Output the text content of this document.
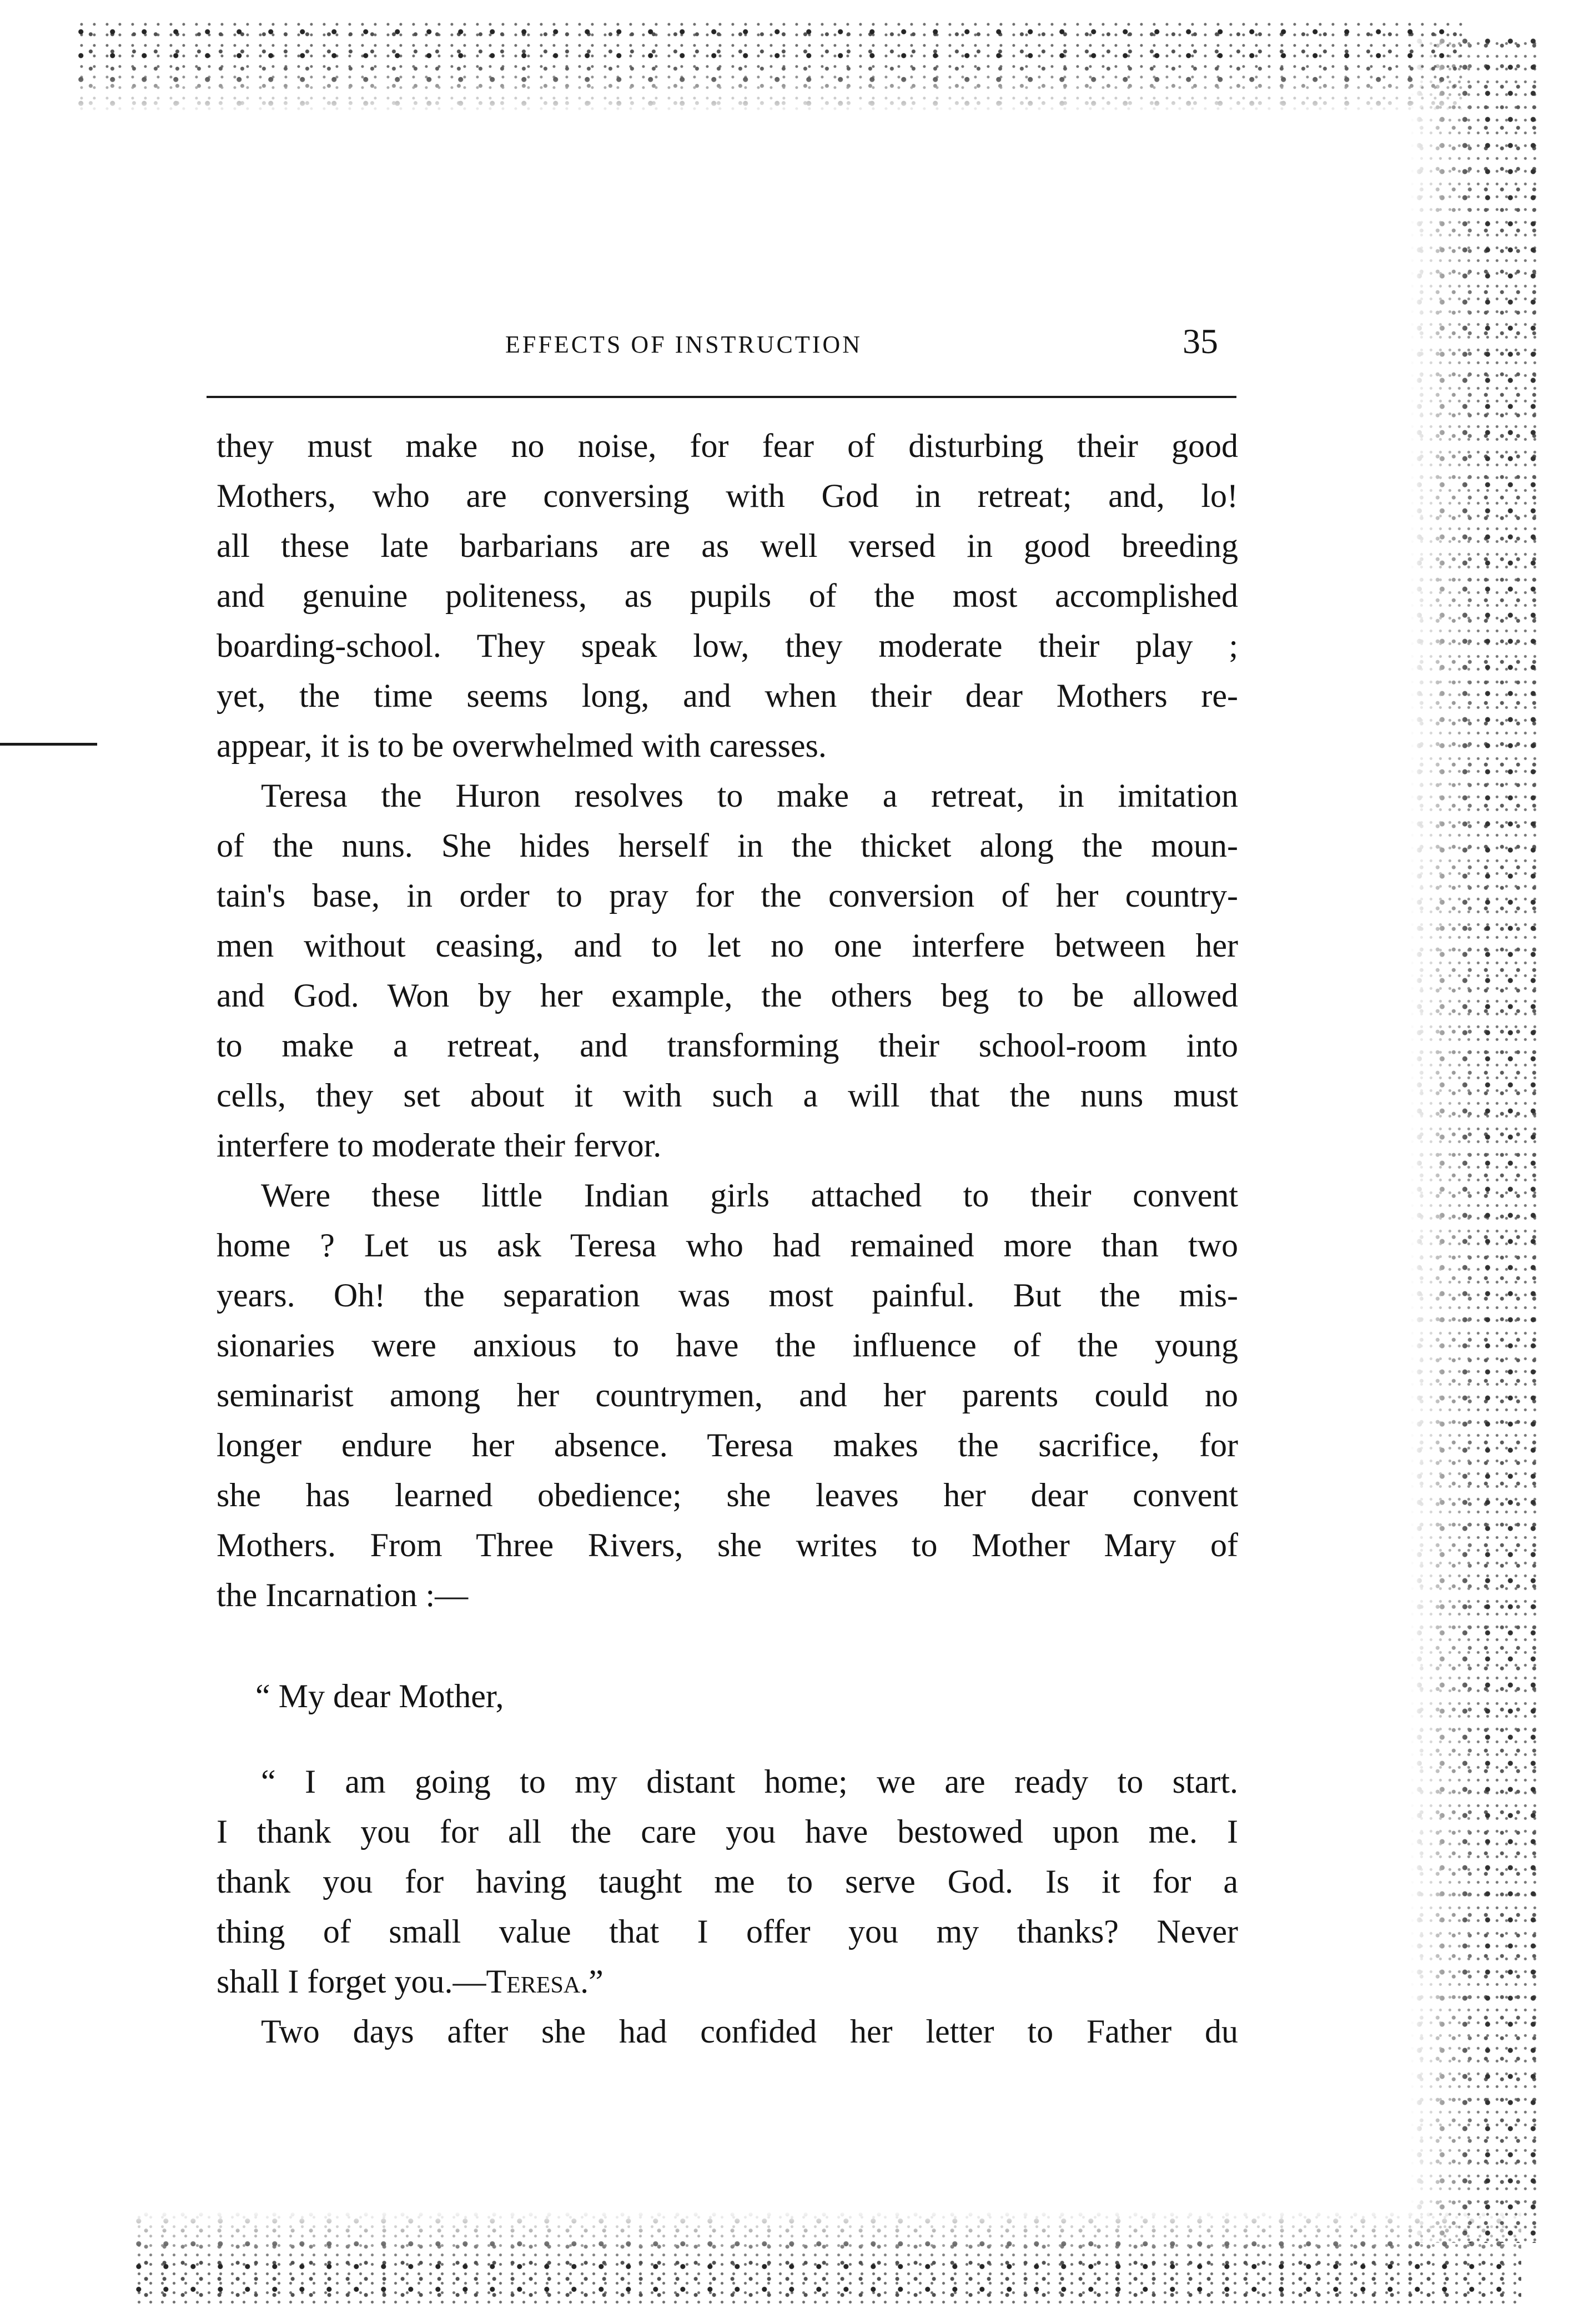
EFFECTS OF INSTRUCTION	35
they must make no noise, for fear of disturbing their good
Mothers, who are conversing with God in retreat; and, lo!
all these late barbarians are as well versed in good breeding
and genuine politeness, as pupils of the most accomplished
boarding-school. They speak low, they moderate their play ;
yet, the time seems long, and when their dear Mothers re-
appear, it is to be overwhelmed with caresses.
Teresa the Huron resolves to make a retreat, in imitation
of the nuns. She hides herself in the thicket along the moun-
tain's base, in order to pray for the conversion of her country-
men without ceasing, and to let no one interfere between her
and God. Won by her example, the others beg to be allowed
to make a retreat, and transforming their school-room into
cells, they set about it with such a will that the nuns must
interfere to moderate their fervor.
Were these little Indian girls attached to their convent
home ? Let us ask Teresa who had remained more than two
years. Oh! the separation was most painful. But the mis-
sionaries were anxious to have the influence of the young
seminarist among her countrymen, and her parents could no
longer endure her absence. Teresa makes the sacrifice, for
she has learned obedience; she leaves her dear convent
Mothers. From Three Rivers, she writes to Mother Mary of
the Incarnation :—
“ My dear Mother,
“ I am going to my distant home; we are ready to start.
I thank you for all the care you have bestowed upon me. I
thank you for having taught me to serve God. Is it for a
thing of small value that I offer you my thanks? Never
shall I forget you.—Teresa.”
Two days after she had confided her letter to Father du
